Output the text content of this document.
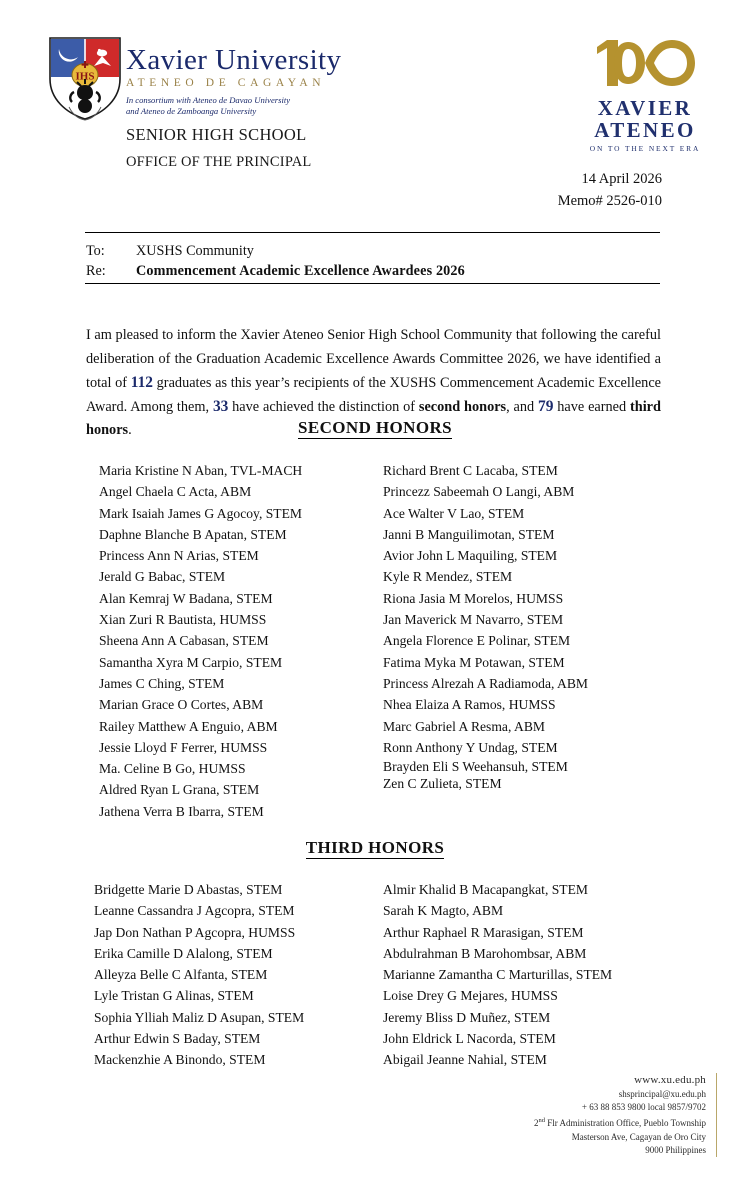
IHS
Xavier University
ATENEO DE CAGAYAN
In consortium with Ateneo de Davao University
and Ateneo de Zamboanga University
SENIOR HIGH SCHOOL
OFFICE OF THE PRINCIPAL
XAVIER
ATENEO
ON TO THE NEXT ERA
14 April 2026
Memo# 2526-010
To:	XUSHS Community
Re:	Commencement Academic Excellence Awardees 2026

I am pleased to inform the Xavier Ateneo Senior High School Community that following the careful deliberation of the Graduation Academic Excellence Awards Committee 2026, we have identified a total of 112 graduates as this year’s recipients of the XUSHS Commencement Academic Excellence Award. Among them, 33 have achieved the distinction of second honors, and 79 have earned third honors.	SECOND HONORS
Maria Kristine N Aban, TVL-MACH
Angel Chaela C Acta, ABM
Mark Isaiah James G Agocoy, STEM
Daphne Blanche B Apatan, STEM
Princess Ann N Arias, STEM
Jerald G Babac, STEM
Alan Kemraj W Badana, STEM
Xian Zuri R Bautista, HUMSS
Sheena Ann A Cabasan, STEM
Samantha Xyra M Carpio, STEM
James C Ching, STEM
Marian Grace O Cortes, ABM
Railey Matthew A Enguio, ABM
Jessie Lloyd F Ferrer, HUMSS
Ma. Celine B Go, HUMSS
Aldred Ryan L Grana, STEM
Jathena Verra B Ibarra, STEM
Richard Brent C Lacaba, STEM
Princezz Sabeemah O Langi, ABM
Ace Walter V Lao, STEM
Janni B Manguilimotan, STEM
Avior John L Maquiling, STEM
Kyle R Mendez, STEM
Riona Jasia M Morelos, HUMSS
Jan Maverick M Navarro, STEM
Angela Florence E Polinar, STEM
Fatima Myka M Potawan, STEM
Princess Alrezah A Radiamoda, ABM
Nhea Elaiza A Ramos, HUMSS
Marc Gabriel A Resma, ABM
Ronn Anthony Y Undag, STEM
Brayden Eli S Weehansuh, STEM
Zen C Zulieta, STEM
THIRD HONORS
Bridgette Marie D Abastas, STEM
Leanne Cassandra J Agcopra, STEM
Jap Don Nathan P Agcopra, HUMSS
Erika Camille D Alalong, STEM
Alleyza Belle C Alfanta, STEM
Lyle Tristan G Alinas, STEM
Sophia Ylliah Maliz D Asupan, STEM
Arthur Edwin S Baday, STEM
Mackenzhie A Binondo, STEM
Almir Khalid B Macapangkat, STEM
Sarah K Magto, ABM
Arthur Raphael R Marasigan, STEM
Abdulrahman B Marohombsar, ABM
Marianne Zamantha C Marturillas, STEM
Loise Drey G Mejares, HUMSS
Jeremy Bliss D Muñez, STEM
John Eldrick L Nacorda, STEM
Abigail Jeanne Nahial, STEM
www.xu.edu.ph
shsprincipal@xu.edu.ph
+ 63 88 853 9800 local 9857/9702
2nd Flr Administration Office, Pueblo Township
Masterson Ave, Cagayan de Oro City
9000 Philippines
